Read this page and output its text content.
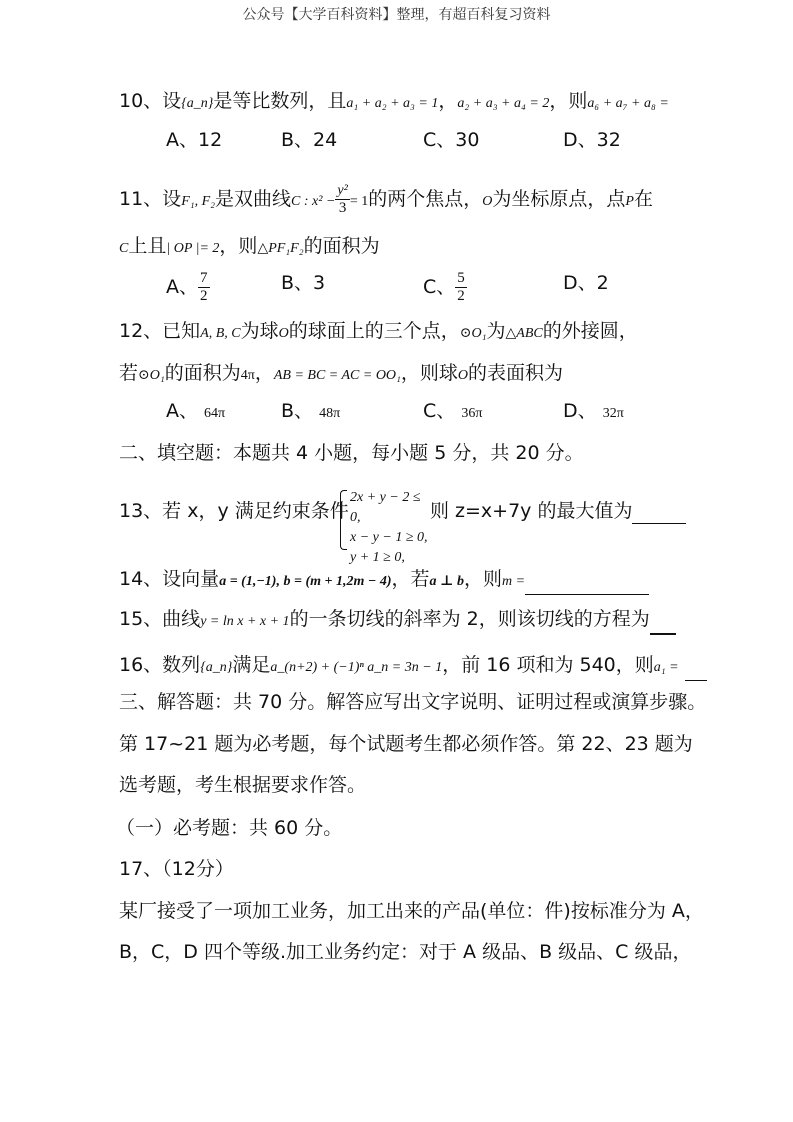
公众号【大学百科资料】整理，有超百科复习资料
10、设{a_n}是等比数列，且a₁ + a₂ + a₃ = 1，a₂ + a₃ + a₄ = 2，则a₆ + a₇ + a₈ =
A、12	B、24	C、30	D、32
11、设F₁, F₂是双曲线C : $x^2 - \frac{\text{y²}}{3} = 1$的两个焦点，O为坐标原点，点P在
C上且| OP |= 2，则△PF₁F₂的面积为
A、 $\frac{7}{2}$	B、3	C、 $\frac{5}{2}$	D、2
12、已知A, B, C为球O的球面上的三个点，⊙O₁为△ABC的外接圆，
若⊙O₁的面积为4π，AB = BC = AC = OO₁，则球O的表面积为
A、 64π	B、 48π	C、 36π	D、 32π
二、填空题：本题共 4 小题，每小题 5 分，共 20 分。
13、若 x，y 满足约束条件
2x + y − 2 ≤ 0,
x − y − 1 ≥ 0,
y + 1 ≥ 0,
则 z=x+7y 的最大值为
14、设向量a = (1,−1), b = (m + 1,2m − 4)，若a ⊥ b，则m =
15、曲线y = ln x + x + 1的一条切线的斜率为 2，则该切线的方程为
16、数列{a_n}满足a_(n+2) + (−1)ⁿ a_n = 3n − 1，前 16 项和为 540，则a₁ =
三、解答题：共 70 分。解答应写出文字说明、证明过程或演算步骤。
第 17~21 题为必考题，每个试题考生都必须作答。第 22、23 题为
选考题，考生根据要求作答。
（一）必考题：共 60 分。
17、（12分）
某厂接受了一项加工业务，加工出来的产品(单位：件)按标准分为 A，
B，C，D 四个等级.加工业务约定：对于 A 级品、B 级品、C 级品，
